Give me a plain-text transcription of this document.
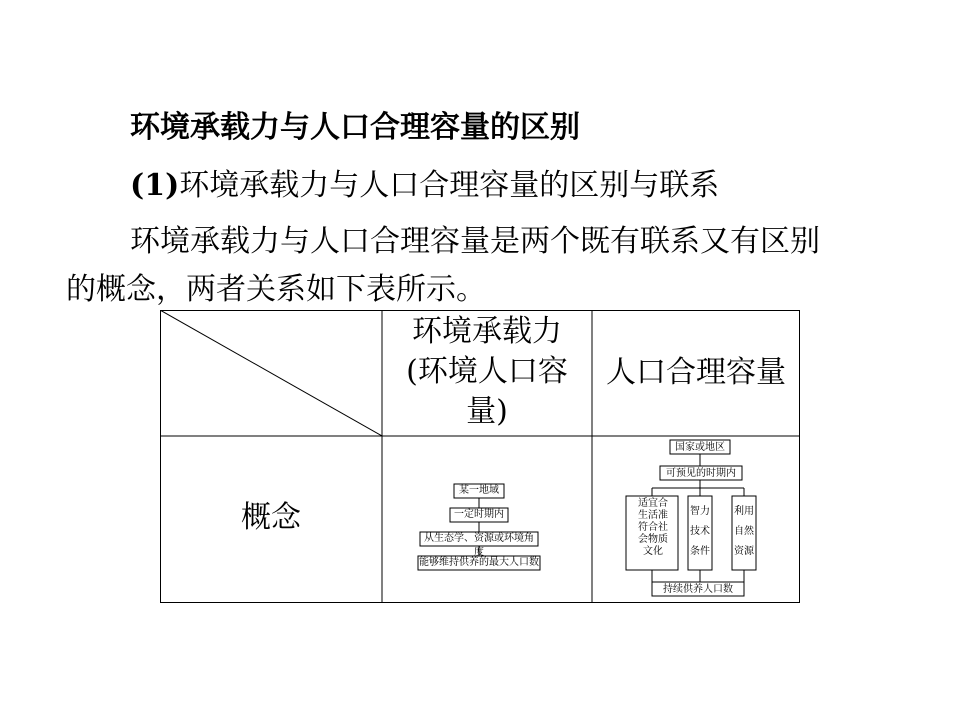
环境承载力与人口合理容量的区别
(1)环境承载力与人口合理容量的区别与联系
环境承载力与人口合理容量是两个既有联系又有区别
的概念，两者关系如下表所示。
环境承载力
(环境人口容
量)
人口合理容量
概念
某一地域
一定时期内
从生态学、资源或环境角度
能够维持供养的最大人口数
国家或地区
可预见的时期内
适宜合
生活准
符合社
会物质
文化
智力
技术
条件
利用
自然
资源
持续供养人口数
